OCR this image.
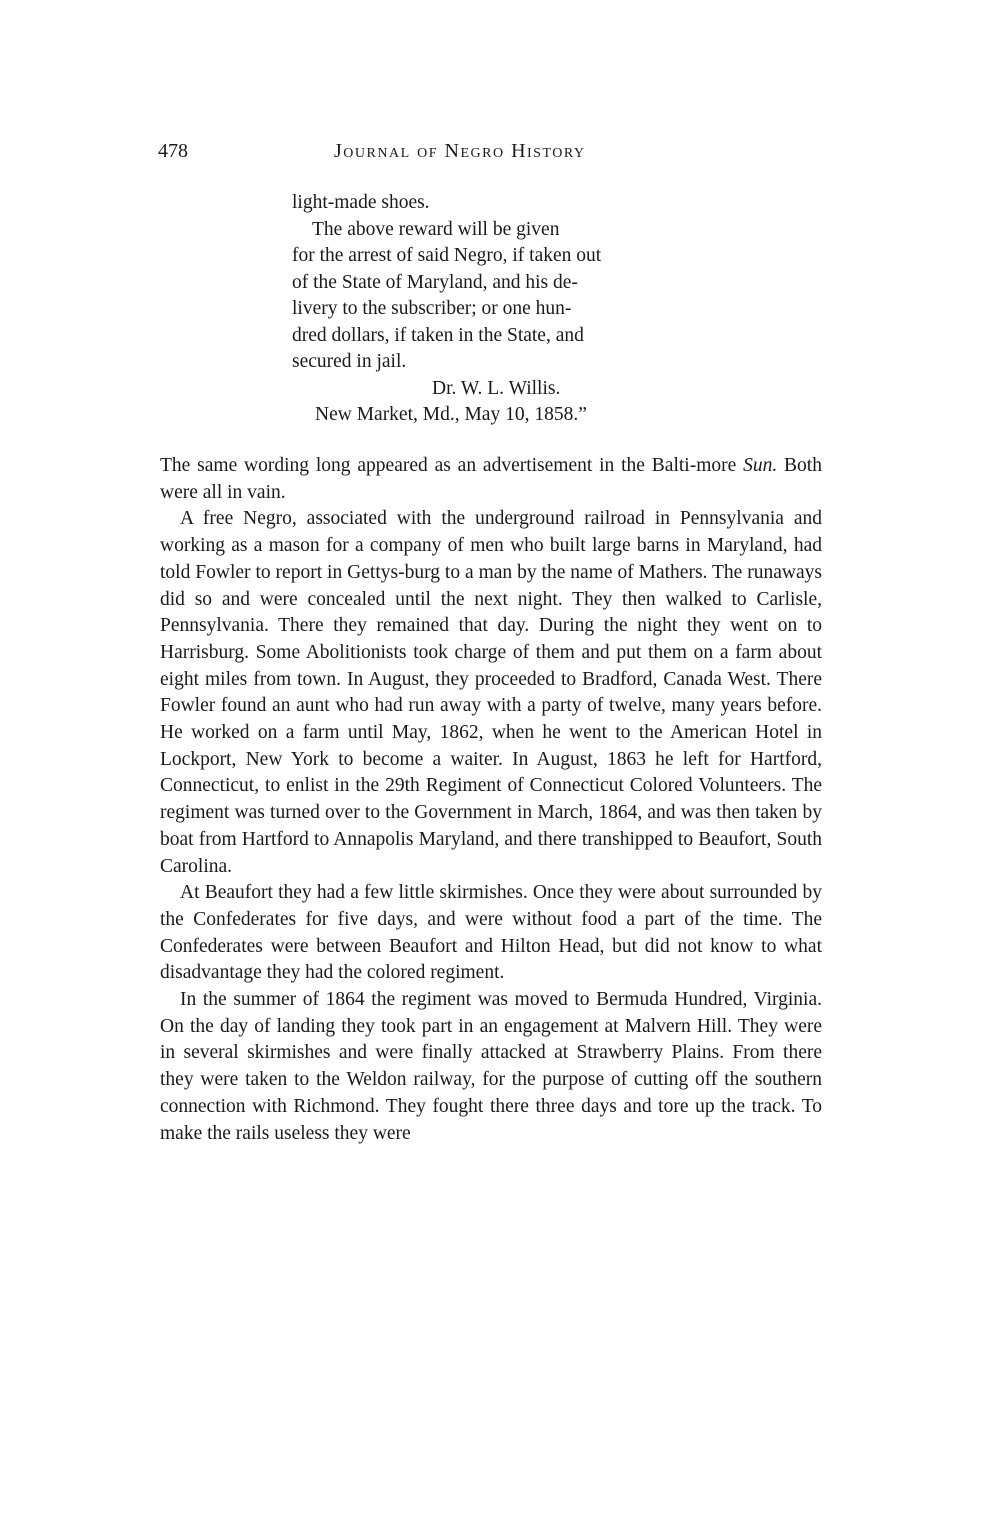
478	Journal of Negro History
light-made shoes.
The above reward will be given
for the arrest of said Negro, if taken out
of the State of Maryland, and his de-
livery to the subscriber; or one hun-
dred dollars, if taken in the State, and
secured in jail.
Dr. W. L. Willis.
New Market, Md., May 10, 1858.”

The same wording long appeared as an advertisement in the Balti-more Sun. Both were all in vain.

A free Negro, associated with the underground railroad in Pennsylvania and working as a mason for a company of men who built large barns in Maryland, had told Fowler to report in Gettys-burg to a man by the name of Mathers. The runaways did so and were concealed until the next night. They then walked to Carlisle, Pennsylvania. There they remained that day. During the night they went on to Harrisburg. Some Abolitionists took charge of them and put them on a farm about eight miles from town. In August, they proceeded to Bradford, Canada West. There Fowler found an aunt who had run away with a party of twelve, many years before. He worked on a farm until May, 1862, when he went to the American Hotel in Lockport, New York to become a waiter. In August, 1863 he left for Hartford, Connecticut, to enlist in the 29th Regiment of Connecticut Colored Volunteers. The regiment was turned over to the Government in March, 1864, and was then taken by boat from Hartford to Annapolis Maryland, and there transhipped to Beaufort, South Carolina.

At Beaufort they had a few little skirmishes. Once they were about surrounded by the Confederates for five days, and were without food a part of the time. The Confederates were between Beaufort and Hilton Head, but did not know to what disadvantage they had the colored regiment.

In the summer of 1864 the regiment was moved to Bermuda Hundred, Virginia. On the day of landing they took part in an engagement at Malvern Hill. They were in several skirmishes and were finally attacked at Strawberry Plains. From there they were taken to the Weldon railway, for the purpose of cutting off the southern connection with Richmond. They fought there three days and tore up the track. To make the rails useless they were
